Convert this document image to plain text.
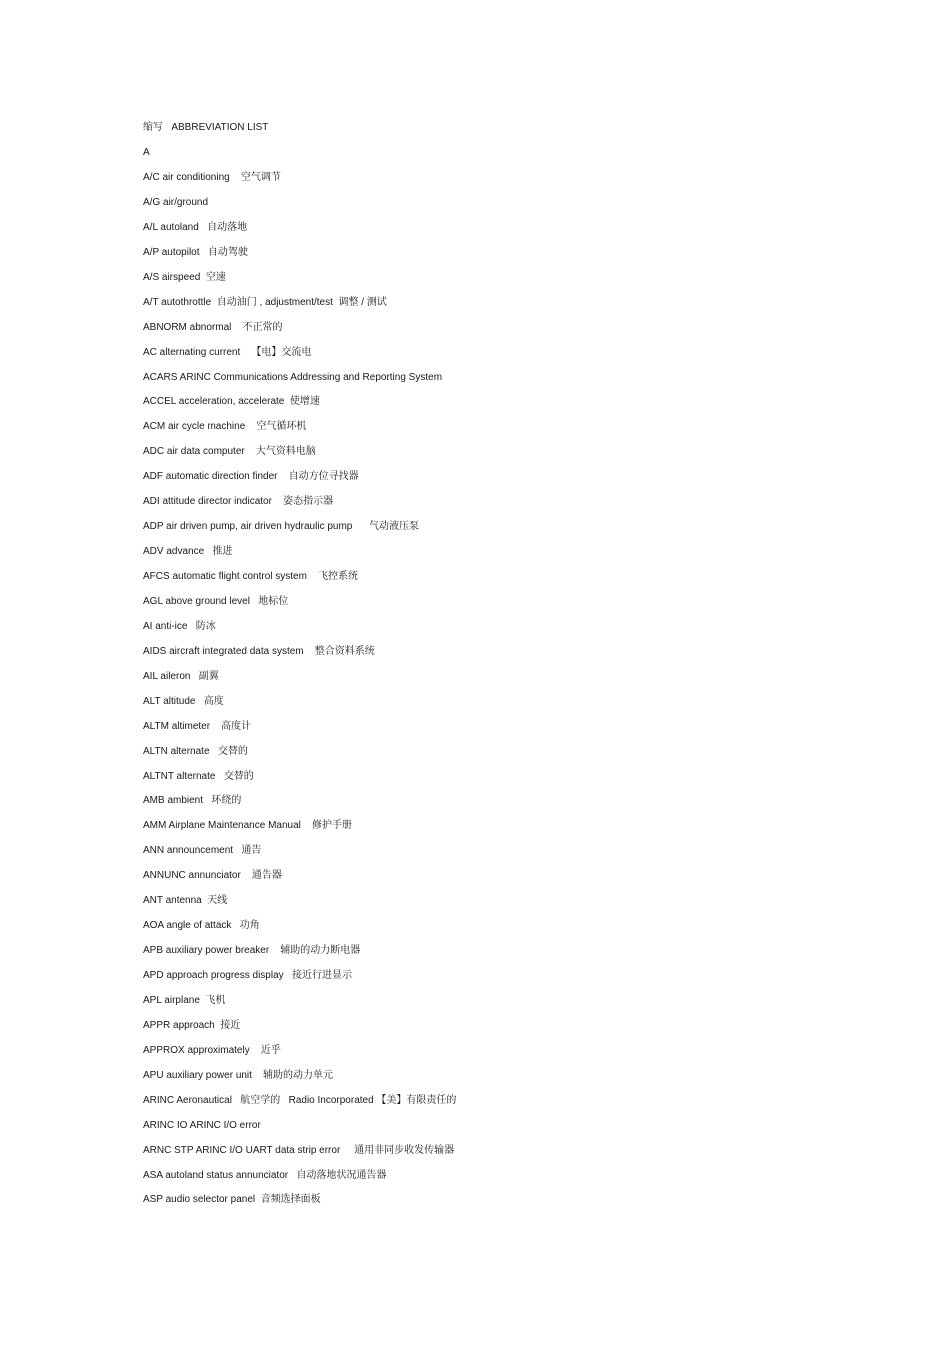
缩写   ABBREVIATION LIST
A
A/C air conditioning    空气调节
A/G air/ground
A/L autoland   自动落地
A/P autopilot   自动驾驶
A/S airspeed  空速
A/T autothrottle  自动油门 , adjustment/test  调整 / 测试
ABNORM abnormal    不正常的
AC alternating current    【电】交流电
ACARS ARINC Communications Addressing and Reporting System
ACCEL acceleration, accelerate  使增速
ACM air cycle machine    空气循环机
ADC air data computer    大气资料电脑
ADF automatic direction finder    自动方位寻找器
ADI attitude director indicator    姿态指示器
ADP air driven pump, air driven hydraulic pump      气动液压泵
ADV advance   推进
AFCS automatic flight control system    飞控系统
AGL above ground level   地标位
AI anti-ice   防冰
AIDS aircraft integrated data system    整合资料系统
AIL aileron   副翼
ALT altitude   高度
ALTM altimeter    高度计
ALTN alternate   交替的
ALTNT alternate   交替的
AMB ambient   环绕的
AMM Airplane Maintenance Manual    修护手册
ANN announcement   通告
ANNUNC annunciator    通告器
ANT antenna  天线
AOA angle of attack   功角
APB auxiliary power breaker    辅助的动力断电器
APD approach progress display   接近行进显示
APL airplane  飞机
APPR approach  接近
APPROX approximately    近乎
APU auxiliary power unit    辅助的动力单元
ARINC Aeronautical   航空学的   Radio Incorporated 【美】有限责任的
ARINC IO ARINC I/O error
ARNC STP ARINC I/O UART data strip error     通用非同步收发传输器
ASA autoland status annunciator   自动落地状况通告器
ASP audio selector panel  音频选择面板
